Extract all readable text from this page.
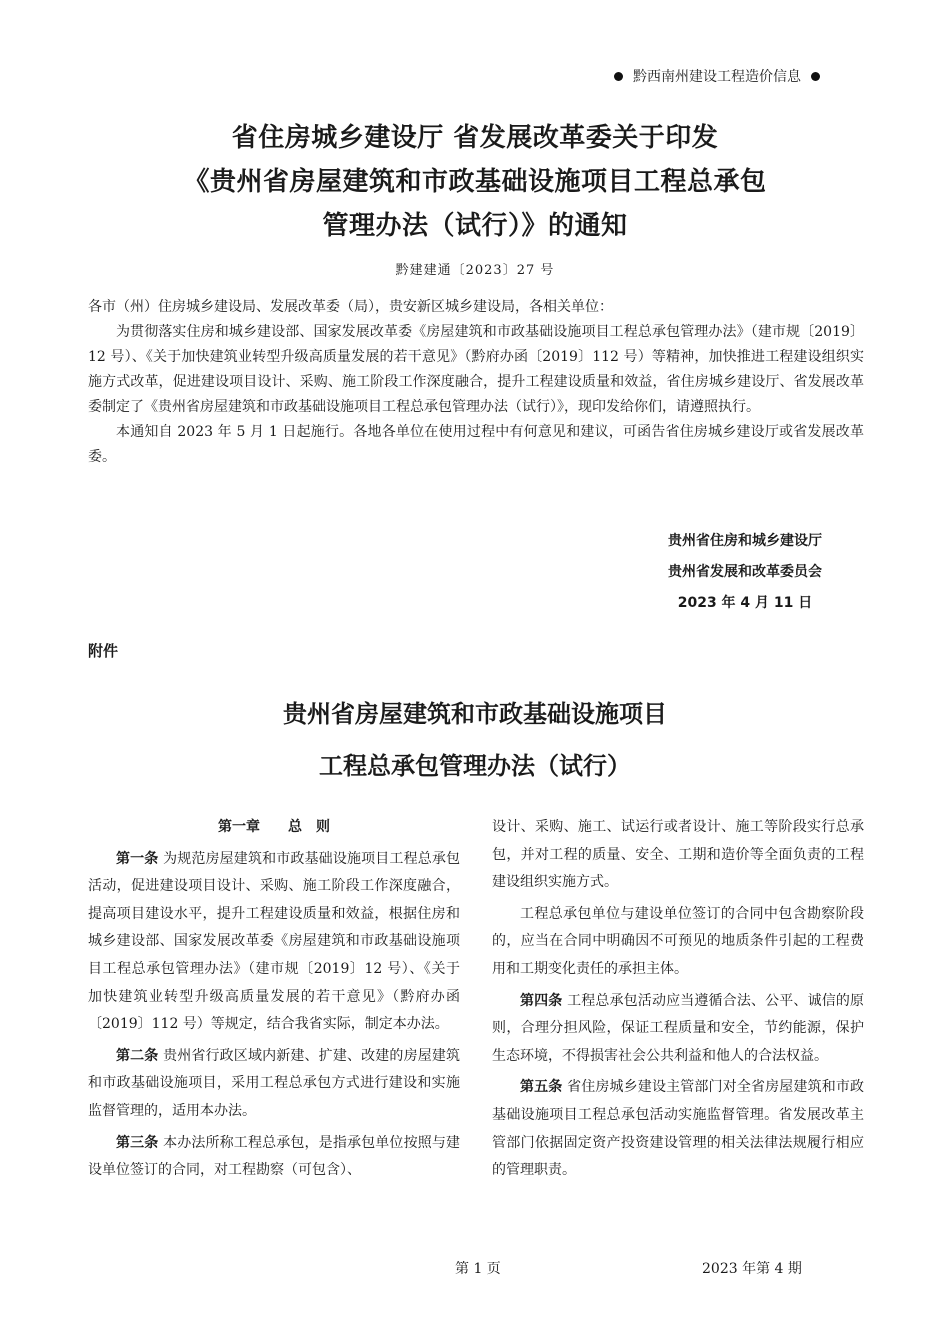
黔西南州建设工程造价信息
省住房城乡建设厅 省发展改革委关于印发
《贵州省房屋建筑和市政基础设施项目工程总承包
管理办法（试行）》的通知
黔建建通〔2023〕27 号

各市（州）住房城乡建设局、发展改革委（局），贵安新区城乡建设局，各相关单位：

为贯彻落实住房和城乡建设部、国家发展改革委《房屋建筑和市政基础设施项目工程总承包管理办法》（建市规〔2019〕12 号）、《关于加快建筑业转型升级高质量发展的若干意见》（黔府办函〔2019〕112 号）等精神，加快推进工程建设组织实施方式改革，促进建设项目设计、采购、施工阶段工作深度融合，提升工程建设质量和效益，省住房城乡建设厅、省发展改革委制定了《贵州省房屋建筑和市政基础设施项目工程总承包管理办法（试行）》，现印发给你们，请遵照执行。

本通知自 2023 年 5 月 1 日起施行。各地各单位在使用过程中有何意见和建议，可函告省住房城乡建设厅或省发展改革委。

贵州省住房和城乡建设厅
贵州省发展和改革委员会
2023 年 4 月 11 日
附件
贵州省房屋建筑和市政基础设施项目
工程总承包管理办法（试行）

第一章　　 总　则

第一条 为规范房屋建筑和市政基础设施项目工程总承包活动，促进建设项目设计、采购、施工阶段工作深度融合，提高项目建设水平，提升工程建设质量和效益，根据住房和城乡建设部、国家发展改革委《房屋建筑和市政基础设施项目工程总承包管理办法》（建市规〔2019〕12 号）、《关于加快建筑业转型升级高质量发展的若干意见》（黔府办函〔2019〕112 号）等规定，结合我省实际，制定本办法。

第二条 贵州省行政区域内新建、扩建、改建的房屋建筑和市政基础设施项目，采用工程总承包方式进行建设和实施监督管理的，适用本办法。

第三条 本办法所称工程总承包，是指承包单位按照与建设单位签订的合同，对工程勘察（可包含）、

设计、采购、施工、试运行或者设计、施工等阶段实行总承包，并对工程的质量、安全、工期和造价等全面负责的工程建设组织实施方式。

工程总承包单位与建设单位签订的合同中包含勘察阶段的，应当在合同中明确因不可预见的地质条件引起的工程费用和工期变化责任的承担主体。

第四条 工程总承包活动应当遵循合法、公平、诚信的原则，合理分担风险，保证工程质量和安全，节约能源，保护生态环境，不得损害社会公共利益和他人的合法权益。

第五条 省住房城乡建设主管部门对全省房屋建筑和市政基础设施项目工程总承包活动实施监督管理。省发展改革主管部门依据固定资产投资建设管理的相关法律法规履行相应的管理职责。

第 1 页	2023 年第 4 期
